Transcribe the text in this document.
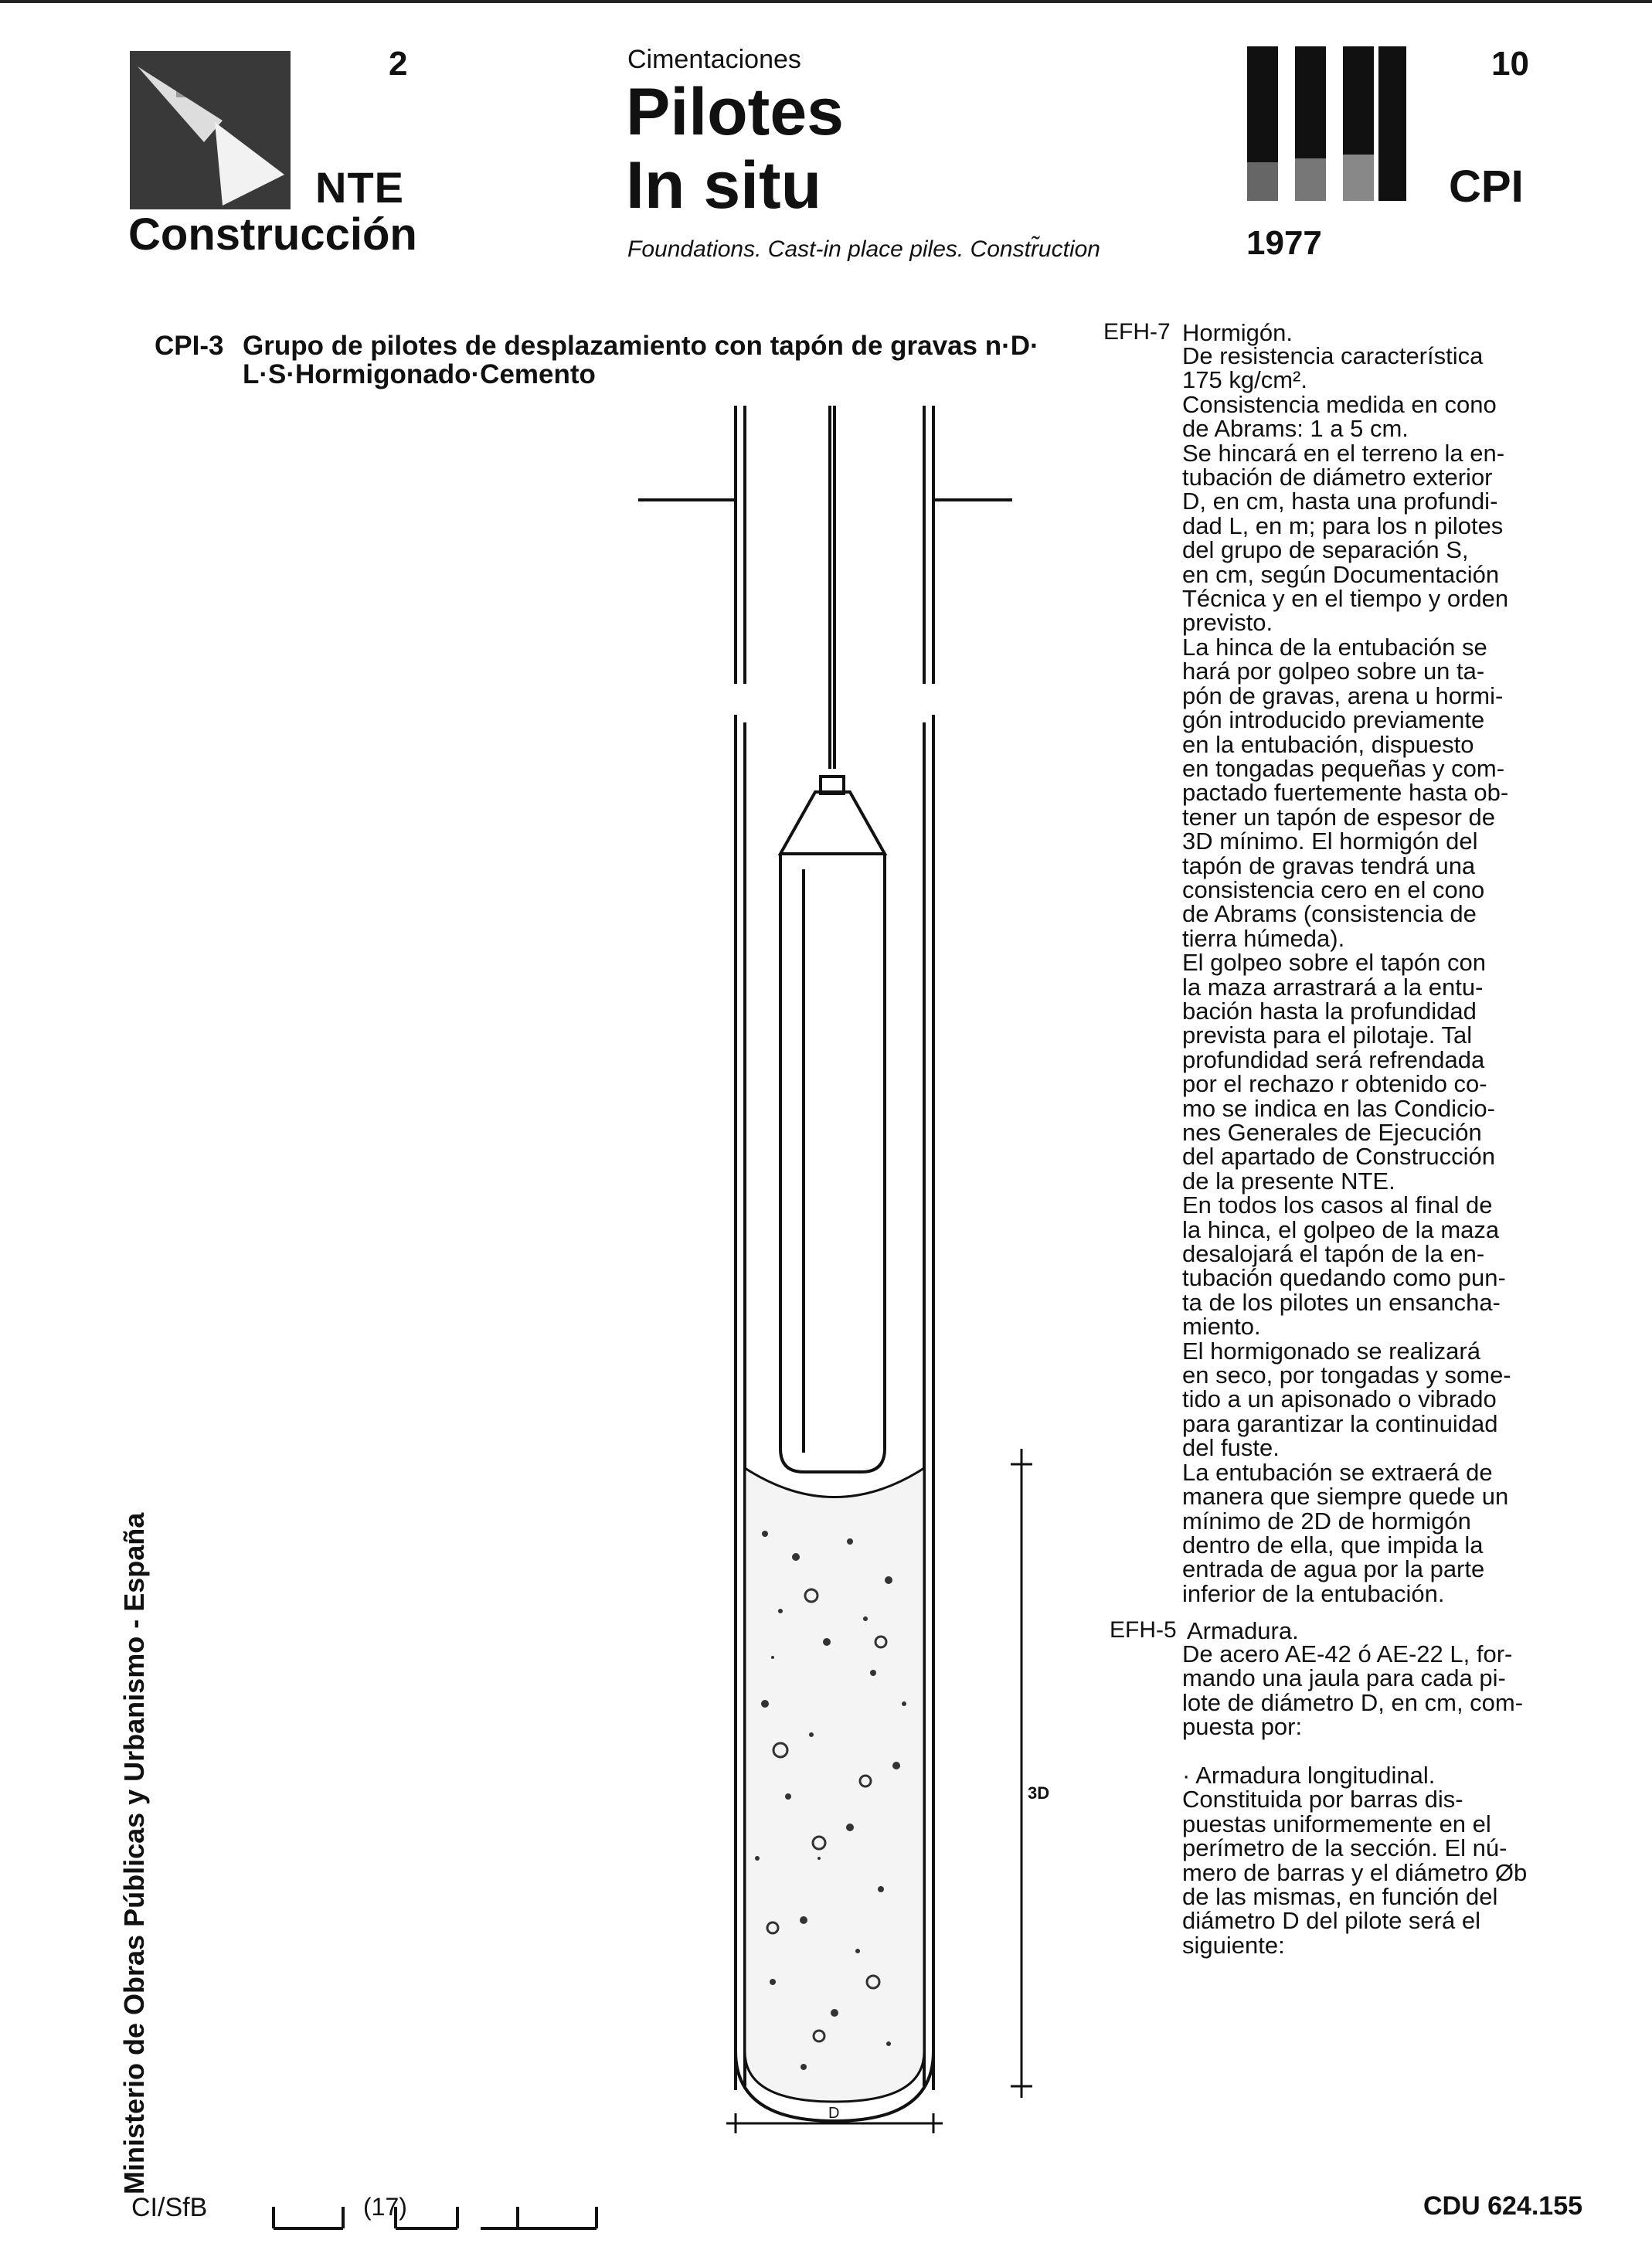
2
NTE
Construcción
Cimentaciones
Pilotes
In situ
Foundations. Cast-in place piles. Constr̃uction
10
CPI
1977
CPI-3 Grupo de pilotes de desplazamiento con tapón de gravas n·D·
L·S·Hormigonado·Cemento
3D
D
EFH-7 Hormigón.
De resistencia característica
175 kg/cm².
Consistencia medida en cono
de Abrams: 1 a 5 cm.
Se hincará en el terreno la en-
tubación de diámetro exterior
D, en cm, hasta una profundi-
dad L, en m; para los n pilotes
del grupo de separación S,
en cm, según Documentación
Técnica y en el tiempo y orden
previsto.
La hinca de la entubación se
hará por golpeo sobre un ta-
pón de gravas, arena u hormi-
gón introducido previamente
en la entubación, dispuesto
en tongadas pequeñas y com-
pactado fuertemente hasta ob-
tener un tapón de espesor de
3D mínimo. El hormigón del
tapón de gravas tendrá una
consistencia cero en el cono
de Abrams (consistencia de
tierra húmeda).
El golpeo sobre el tapón con
la maza arrastrará a la entu-
bación hasta la profundidad
prevista para el pilotaje. Tal
profundidad será refrendada
por el rechazo r obtenido co-
mo se indica en las Condicio-
nes Generales de Ejecución
del apartado de Construcción
de la presente NTE.
En todos los casos al final de
la hinca, el golpeo de la maza
desalojará el tapón de la en-
tubación quedando como pun-
ta de los pilotes un ensancha-
miento.
El hormigonado se realizará
en seco, por tongadas y some-
tido a un apisonado o vibrado
para garantizar la continuidad
del fuste.
La entubación se extraerá de
manera que siempre quede un
mínimo de 2D de hormigón
dentro de ella, que impida la
entrada de agua por la parte
inferior de la entubación.
EFH-5 Armadura.
De acero AE-42 ó AE-22 L, for-
mando una jaula para cada pi-
lote de diámetro D, en cm, com-
puesta por:

· Armadura longitudinal.
Constituida por barras dis-
puestas uniformemente en el
perímetro de la sección. El nú-
mero de barras y el diámetro Øb
de las mismas, en función del
diámetro D del pilote será el
siguiente:
Ministerio de Obras Públicas y Urbanismo - España
CI/SfB	(17)	CDU 624.155
